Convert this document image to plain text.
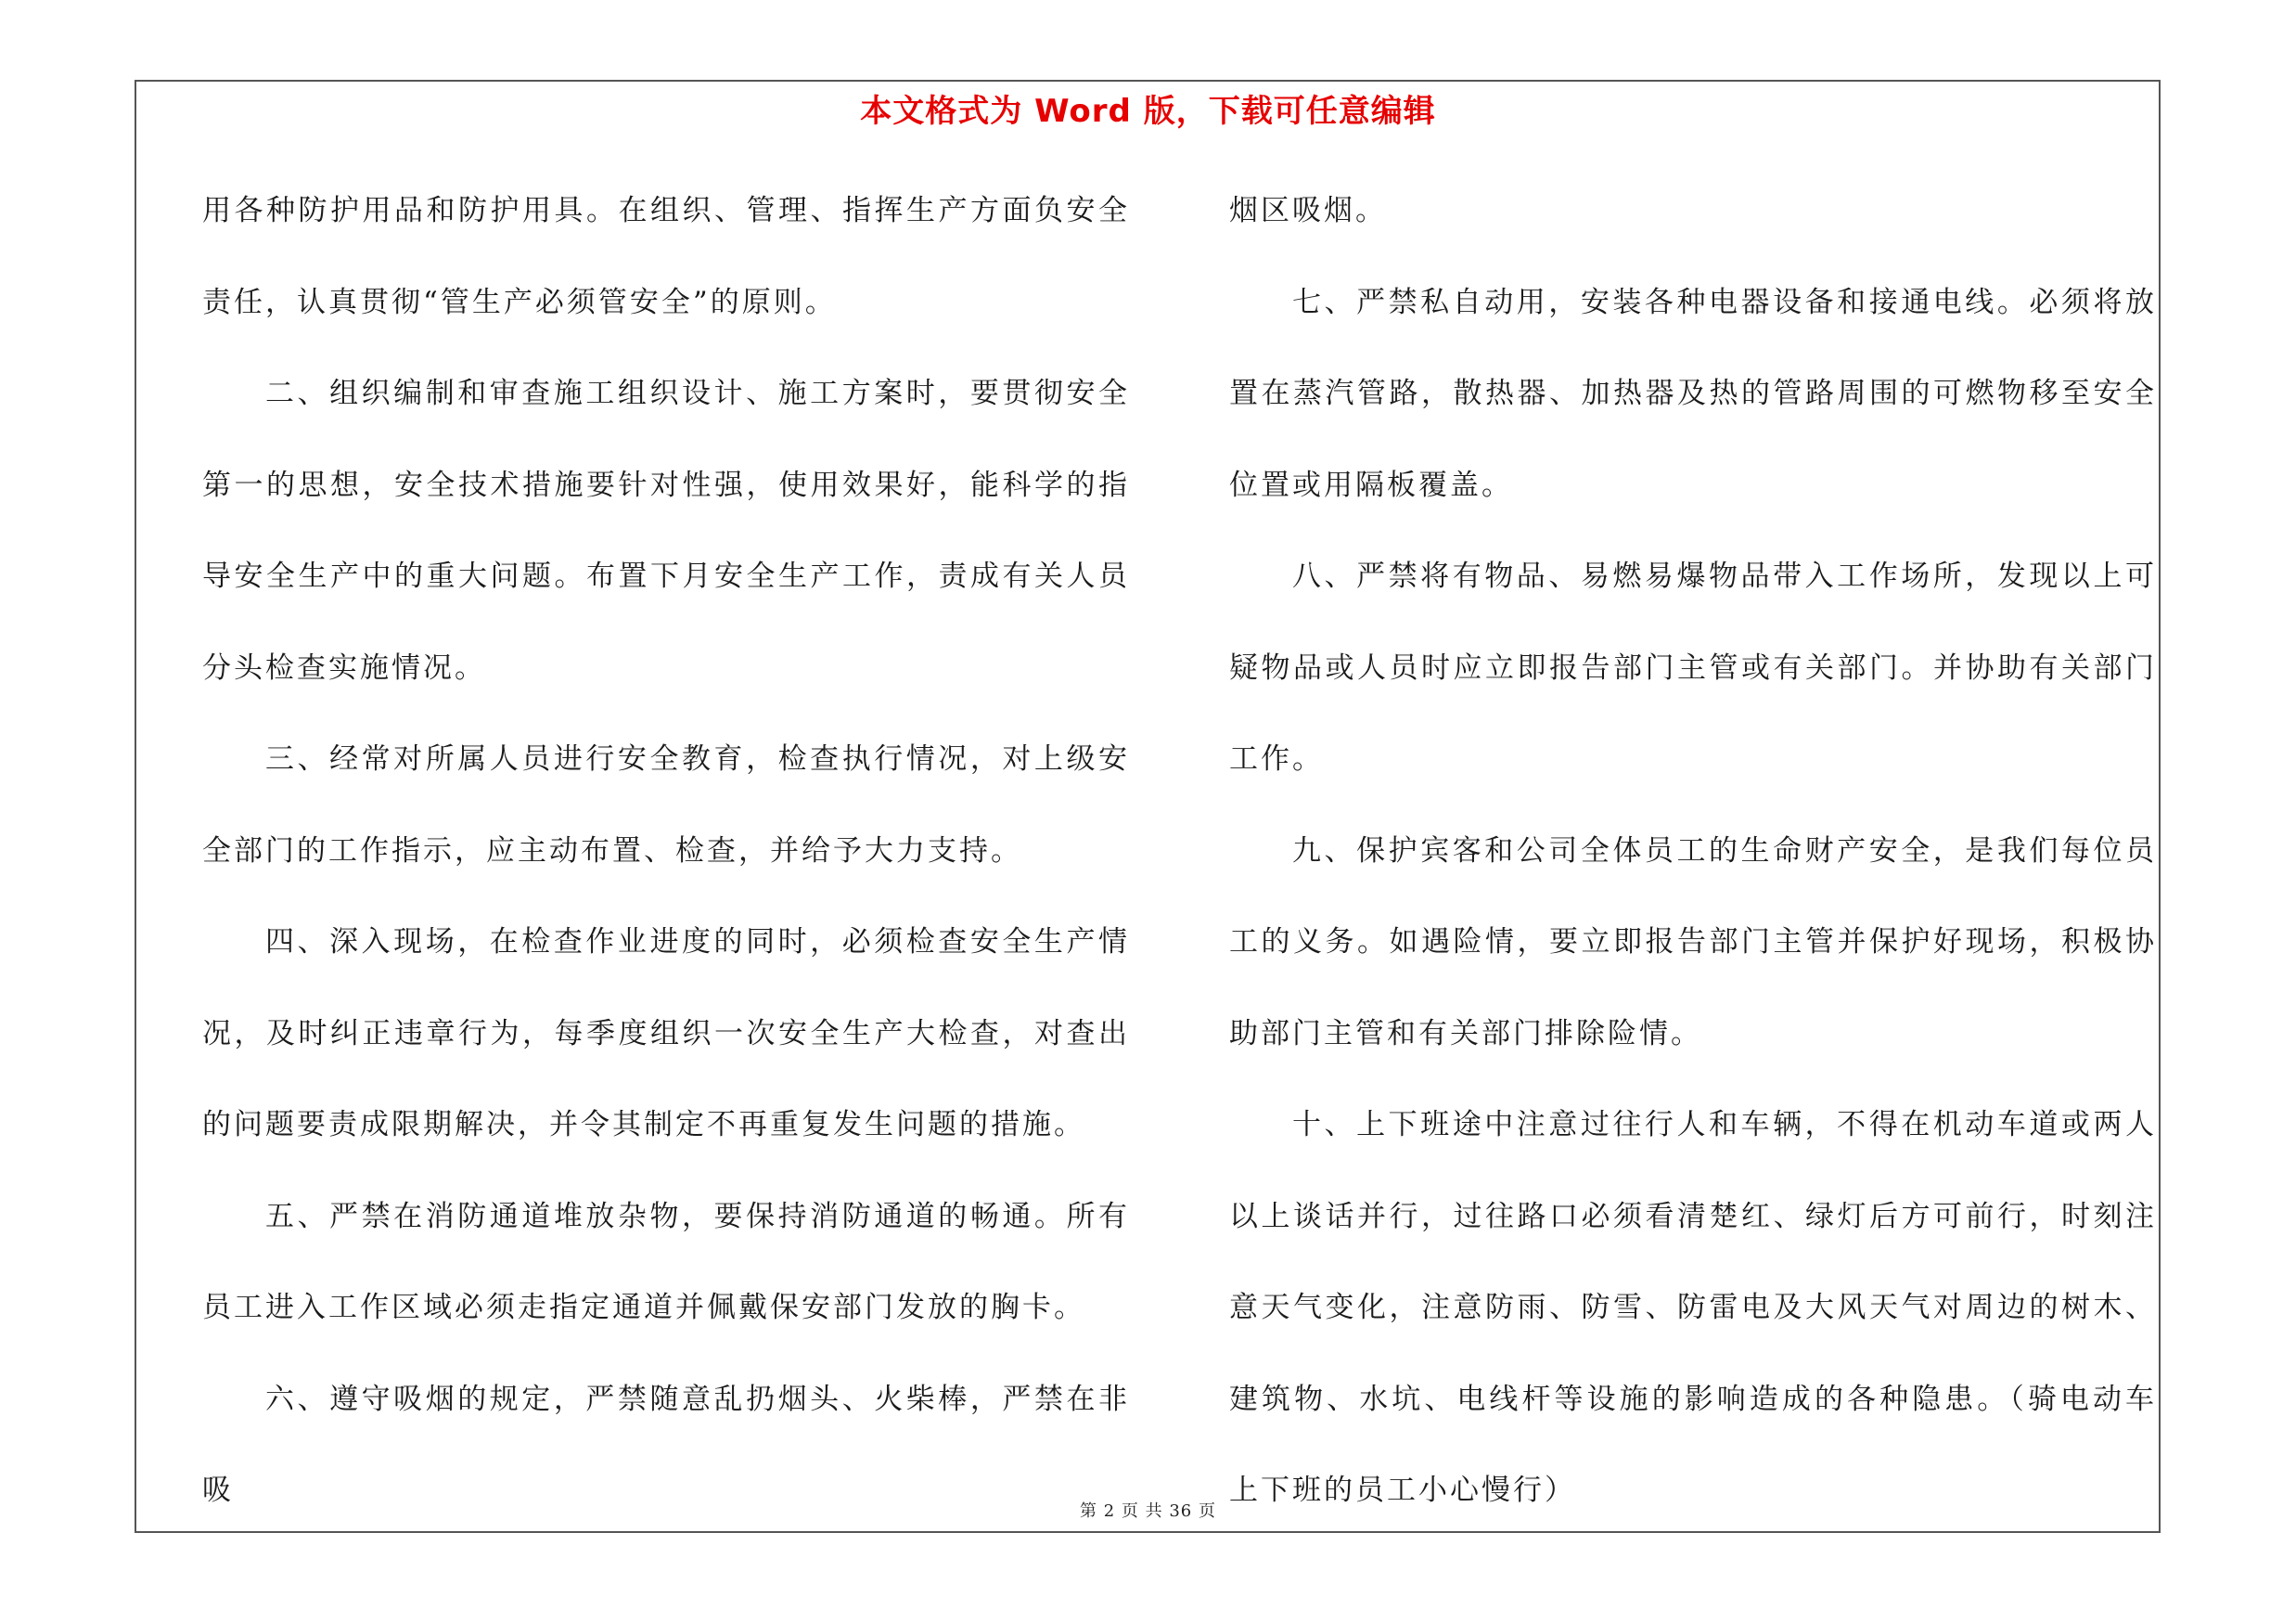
本文格式为 Word 版，下载可任意编辑

用各种防护用品和防护用具。在组织、管理、指挥生产方面负安全责任，认真贯彻“管生产必须管安全”的原则。

二、组织编制和审查施工组织设计、施工方案时，要贯彻安全第一的思想，安全技术措施要针对性强，使用效果好，能科学的指导安全生产中的重大问题。布置下月安全生产工作，责成有关人员分头检查实施情况。

三、经常对所属人员进行安全教育，检查执行情况，对上级安全部门的工作指示，应主动布置、检查，并给予大力支持。

四、深入现场，在检查作业进度的同时，必须检查安全生产情况，及时纠正违章行为，每季度组织一次安全生产大检查，对查出的问题要责成限期解决，并令其制定不再重复发生问题的措施。

五、严禁在消防通道堆放杂物，要保持消防通道的畅通。所有员工进入工作区域必须走指定通道并佩戴保安部门发放的胸卡。

六、遵守吸烟的规定，严禁随意乱扔烟头、火柴棒，严禁在非吸

烟区吸烟。

七、严禁私自动用，安装各种电器设备和接通电线。必须将放置在蒸汽管路，散热器、加热器及热的管路周围的可燃物移至安全位置或用隔板覆盖。

八、严禁将有物品、易燃易爆物品带入工作场所，发现以上可疑物品或人员时应立即报告部门主管或有关部门。并协助有关部门工作。

九、保护宾客和公司全体员工的生命财产安全，是我们每位员工的义务。如遇险情，要立即报告部门主管并保护好现场，积极协助部门主管和有关部门排除险情。

十、上下班途中注意过往行人和车辆，不得在机动车道或两人以上谈话并行，过往路口必须看清楚红、绿灯后方可前行，时刻注意天气变化，注意防雨、防雪、防雷电及大风天气对周边的树木、建筑物、水坑、电线杆等设施的影响造成的各种隐患。（骑电动车上下班的员工小心慢行）

第 2 页 共 36 页
